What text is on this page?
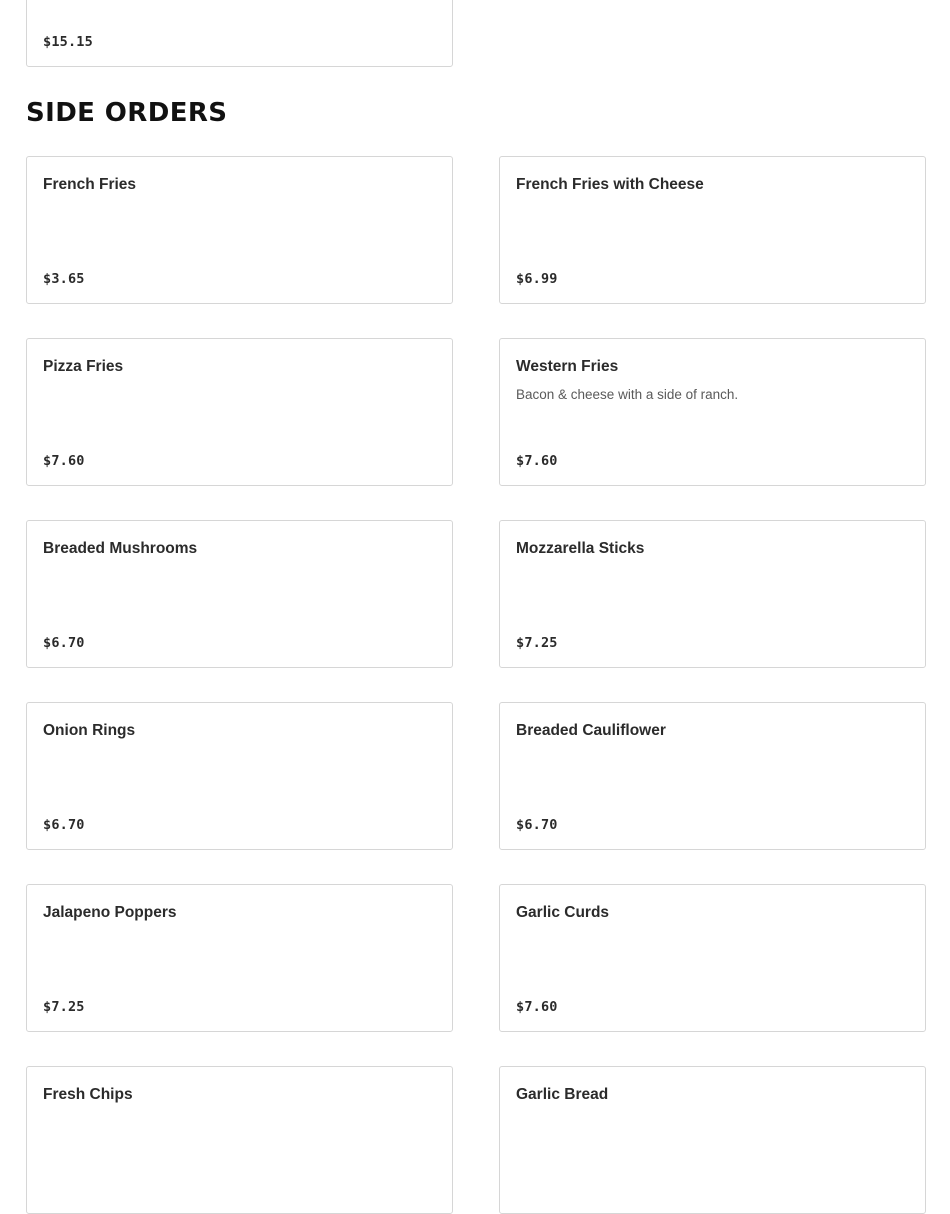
$15.15
SIDE ORDERS
French Fries
$3.65
French Fries with Cheese
$6.99
Pizza Fries
$7.60
Western Fries
Bacon & cheese with a side of ranch.
$7.60
Breaded Mushrooms
$6.70
Mozzarella Sticks
$7.25
Onion Rings
$6.70
Breaded Cauliflower
$6.70
Jalapeno Poppers
$7.25
Garlic Curds
$7.60
Fresh Chips	Garlic Bread
